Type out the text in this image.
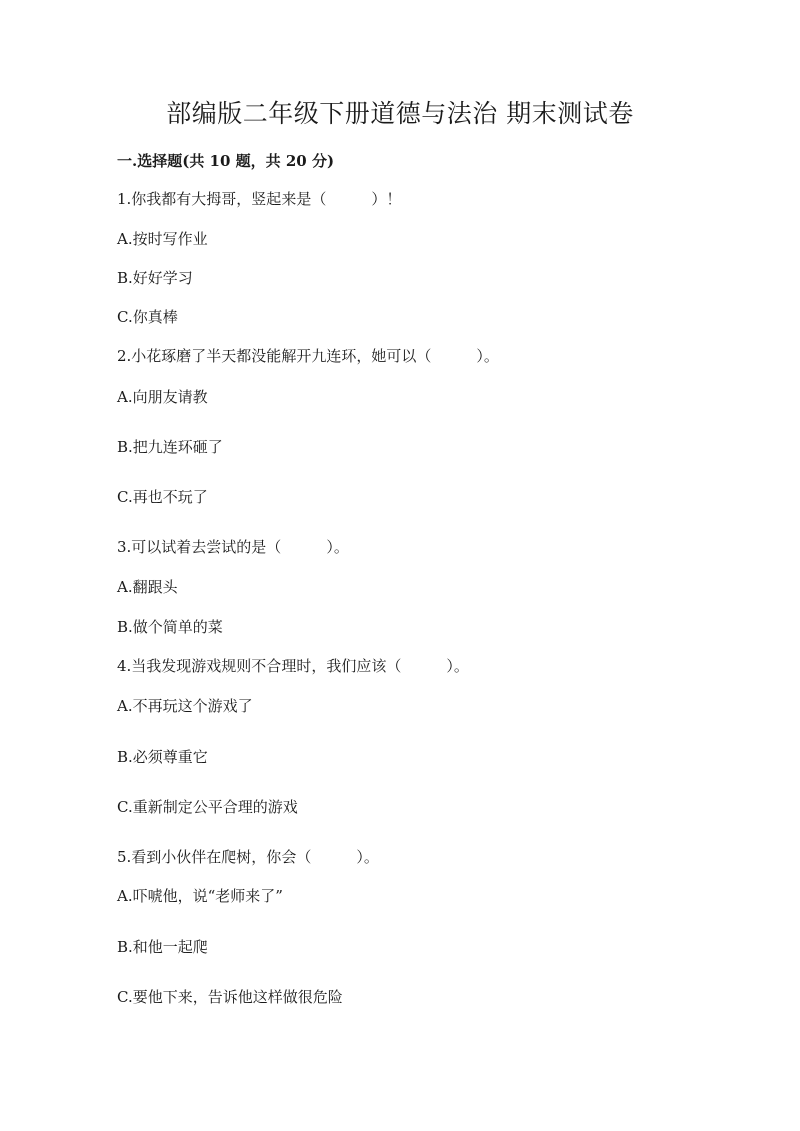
部编版二年级下册道德与法治 期末测试卷
一.选择题(共 10 题，共 20 分)
1.你我都有大拇哥，竖起来是（　　　）！
A.按时写作业
B.好好学习
C.你真棒
2.小花琢磨了半天都没能解开九连环，她可以（　　　）。
A.向朋友请教
B.把九连环砸了
C.再也不玩了
3.可以试着去尝试的是（　　　）。
A.翻跟头
B.做个简单的菜
4.当我发现游戏规则不合理时，我们应该（　　　）。
A.不再玩这个游戏了
B.必须尊重它
C.重新制定公平合理的游戏
5.看到小伙伴在爬树，你会（　　　）。
A.吓唬他，说“老师来了”
B.和他一起爬
C.要他下来，告诉他这样做很危险
